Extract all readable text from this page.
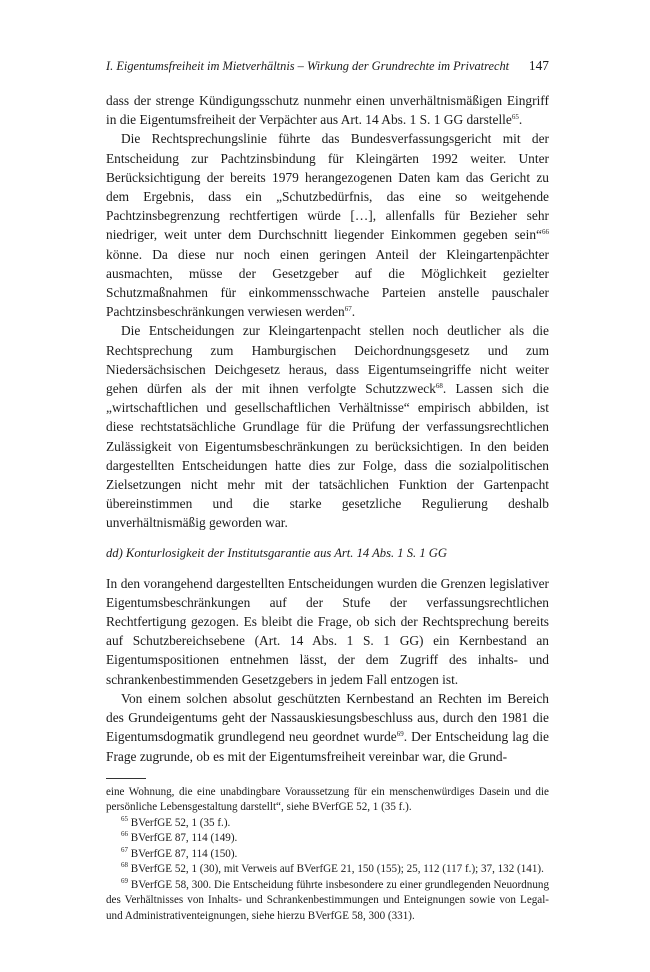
I. Eigentumsfreiheit im Mietverhältnis – Wirkung der Grundrechte im Privatrecht 147

dass der strenge Kündigungsschutz nunmehr einen unverhältnismäßigen Eingriff in die Eigentumsfreiheit der Verpächter aus Art. 14 Abs. 1 S. 1 GG darstelle$^{65}$.

Die Rechtsprechungslinie führte das Bundesverfassungsgericht mit der Entscheidung zur Pachtzinsbindung für Kleingärten 1992 weiter. Unter Berücksichtigung der bereits 1979 herangezogenen Daten kam das Gericht zu dem Ergebnis, dass ein „Schutzbedürfnis, das eine so weitgehende Pachtzinsbegrenzung rechtfertigen würde […], allenfalls für Bezieher sehr niedriger, weit unter dem Durchschnitt liegender Einkommen gegeben sein“$^{66}$ könne. Da diese nur noch einen geringen Anteil der Kleingartenpächter ausmachten, müsse der Gesetzgeber auf die Möglichkeit gezielter Schutzmaßnahmen für einkommensschwache Parteien anstelle pauschaler Pachtzinsbeschränkungen verwiesen werden$^{67}$.

Die Entscheidungen zur Kleingartenpacht stellen noch deutlicher als die Rechtsprechung zum Hamburgischen Deichordnungsgesetz und zum Niedersächsischen Deichgesetz heraus, dass Eigentumseingriffe nicht weiter gehen dürfen als der mit ihnen verfolgte Schutzzweck$^{68}$. Lassen sich die „wirtschaftlichen und gesellschaftlichen Verhältnisse“ empirisch abbilden, ist diese rechtstatsächliche Grundlage für die Prüfung der verfassungsrechtlichen Zulässigkeit von Eigentumsbeschränkungen zu berücksichtigen. In den beiden dargestellten Entscheidungen hatte dies zur Folge, dass die sozialpolitischen Zielsetzungen nicht mehr mit der tatsächlichen Funktion der Gartenpacht übereinstimmen und die starke gesetzliche Regulierung deshalb unverhältnismäßig geworden war.

dd) Konturlosigkeit der Institutsgarantie aus Art. 14 Abs. 1 S. 1 GG

In den vorangehend dargestellten Entscheidungen wurden die Grenzen legislativer Eigentumsbeschränkungen auf der Stufe der verfassungsrechtlichen Rechtfertigung gezogen. Es bleibt die Frage, ob sich der Rechtsprechung bereits auf Schutzbereichsebene (Art. 14 Abs. 1 S. 1 GG) ein Kernbestand an Eigentumspositionen entnehmen lässt, der dem Zugriff des inhalts- und schrankenbestimmenden Gesetzgebers in jedem Fall entzogen ist.

Von einem solchen absolut geschützten Kernbestand an Rechten im Bereich des Grundeigentums geht der Nassauskiesungsbeschluss aus, durch den 1981 die Eigentumsdogmatik grundlegend neu geordnet wurde$^{69}$. Der Entscheidung lag die Frage zugrunde, ob es mit der Eigentumsfreiheit vereinbar war, die Grund-

eine Wohnung, die eine unabdingbare Voraussetzung für ein menschenwürdiges Dasein und die persönliche Lebensgestaltung darstellt“, siehe BVerfGE 52, 1 (35 f.).

$^{65}$ BVerfGE 52, 1 (35 f.).

$^{66}$ BVerfGE 87, 114 (149).

$^{67}$ BVerfGE 87, 114 (150).

$^{68}$ BVerfGE 52, 1 (30), mit Verweis auf BVerfGE 21, 150 (155); 25, 112 (117 f.); 37, 132 (141).

$^{69}$ BVerfGE 58, 300. Die Entscheidung führte insbesondere zu einer grundlegenden Neuordnung des Verhältnisses von Inhalts- und Schrankenbestimmungen und Enteignungen sowie von Legal- und Administrativenteignungen, siehe hierzu BVerfGE 58, 300 (331).
